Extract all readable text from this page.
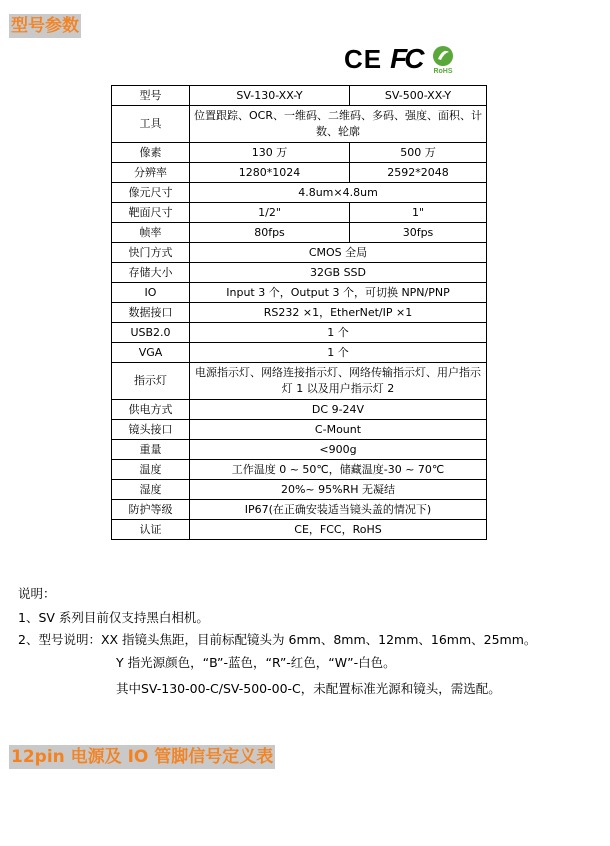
型号参数
CE FC RoHS
型号	SV-130-XX-Y	SV-500-XX-Y
工具	位置跟踪、OCR、一维码、二维码、多码、强度、面积、计数、轮廓	
像素	130 万	500 万
分辨率	1280*1024	2592*2048
像元尺寸	4.8um×4.8um	
靶面尺寸	1/2"	1"
帧率	80fps	30fps
快门方式	CMOS 全局	
存储大小	32GB SSD	
IO	Input 3 个，Output 3 个，可切换 NPN/PNP	
数据接口	RS232 ×1，EtherNet/IP ×1	
USB2.0	1 个	
VGA	1 个	
指示灯	电源指示灯、网络连接指示灯、网络传输指示灯、用户指示灯 1 以及用户指示灯 2	
供电方式	DC 9-24V	
镜头接口	C-Mount	
重量	<900g	
温度	工作温度 0 ~ 50℃，储藏温度-30 ~ 70℃	
湿度	20%~ 95%RH 无凝结	
防护等级	IP67(在正确安装适当镜头盖的情况下)	
认证	CE，FCC，RoHS	
说明：
1、SV 系列目前仅支持黑白相机。
2、型号说明：XX 指镜头焦距，目前标配镜头为 6mm、8mm、12mm、16mm、25mm。
Y 指光源颜色，“B”-蓝色，“R”-红色，“W”-白色。
其中SV-130-00-C/SV-500-00-C，未配置标准光源和镜头，需选配。
12pin 电源及 IO 管脚信号定义表
